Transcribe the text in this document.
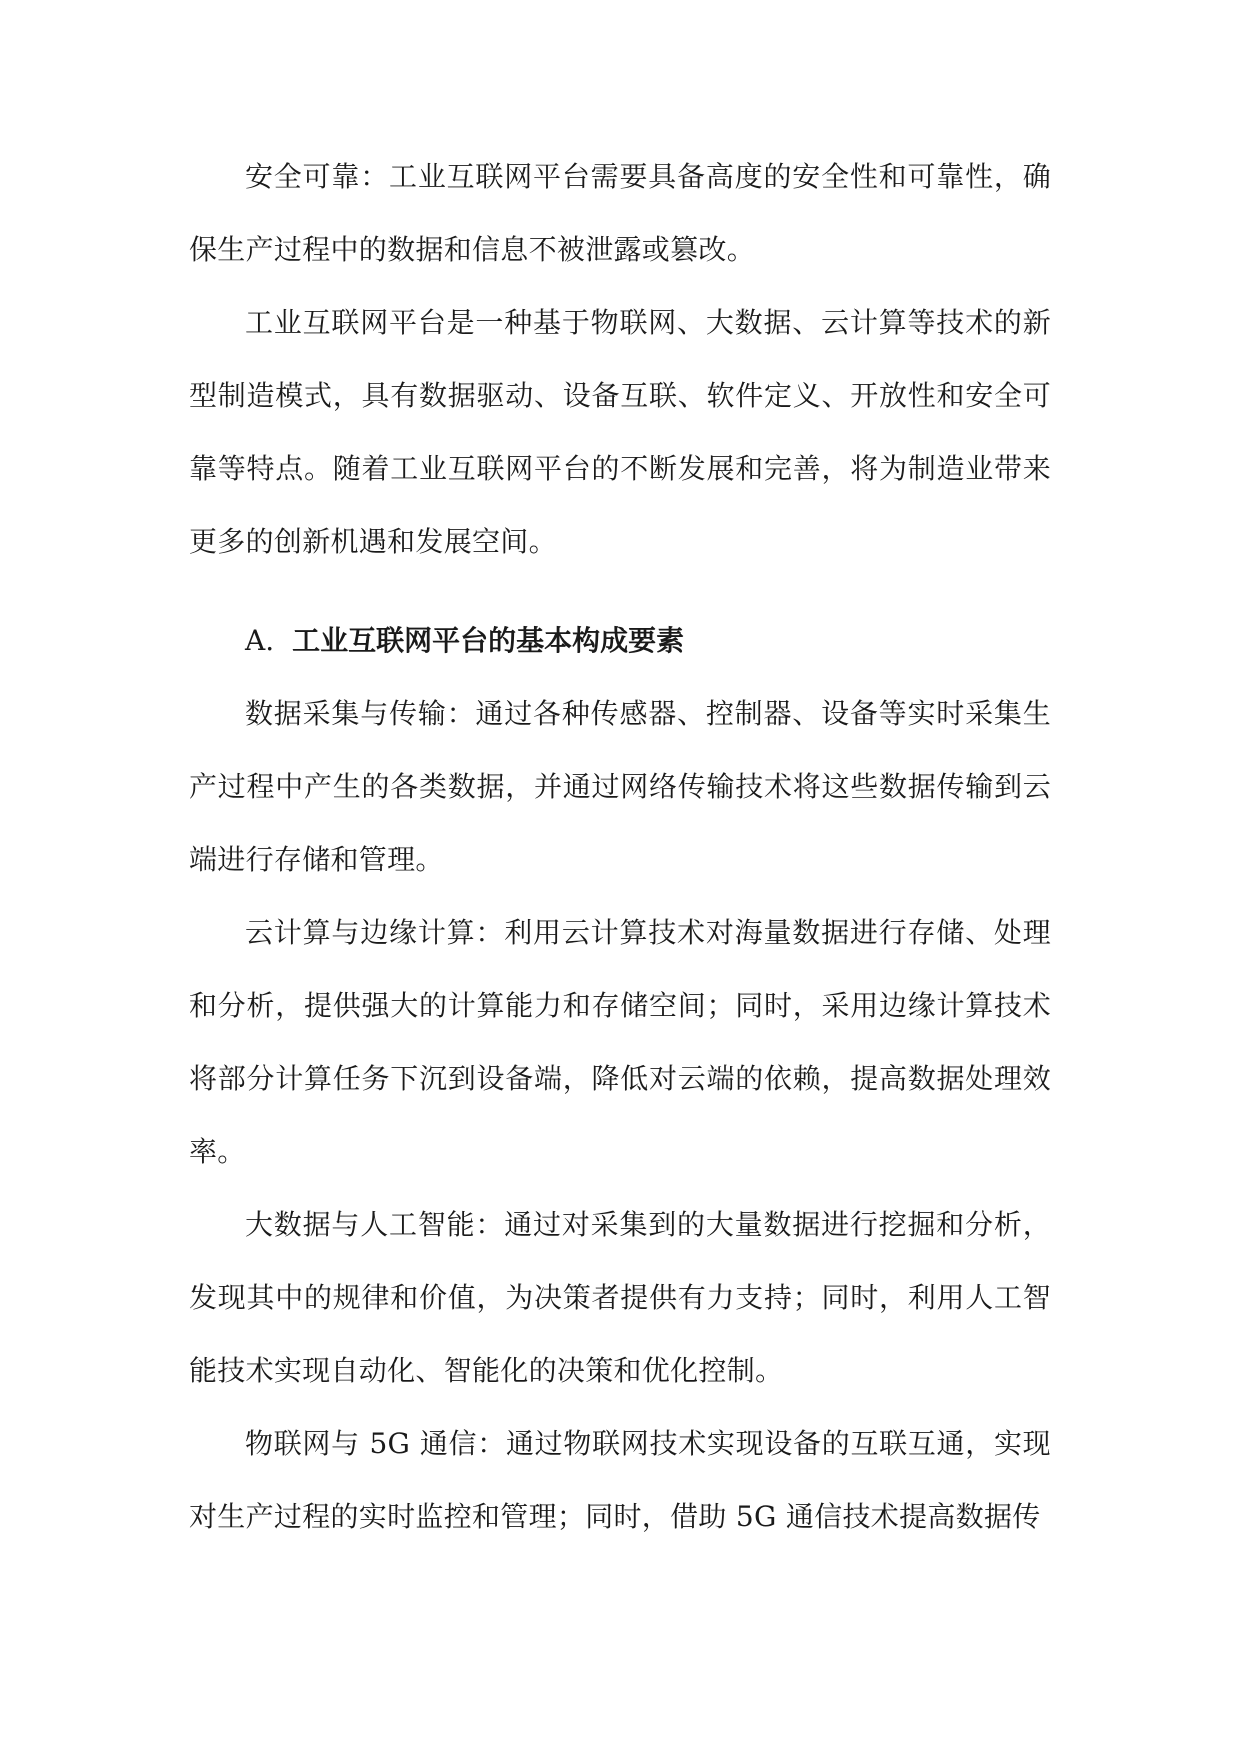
安全可靠：工业互联网平台需要具备高度的安全性和可靠性，确保生产过程中的数据和信息不被泄露或篡改。

工业互联网平台是一种基于物联网、大数据、云计算等技术的新型制造模式，具有数据驱动、设备互联、软件定义、开放性和安全可靠等特点。随着工业互联网平台的不断发展和完善，将为制造业带来更多的创新机遇和发展空间。

A. 工业互联网平台的基本构成要素

数据采集与传输：通过各种传感器、控制器、设备等实时采集生产过程中产生的各类数据，并通过网络传输技术将这些数据传输到云端进行存储和管理。

云计算与边缘计算：利用云计算技术对海量数据进行存储、处理和分析，提供强大的计算能力和存储空间；同时，采用边缘计算技术将部分计算任务下沉到设备端，降低对云端的依赖，提高数据处理效率。

大数据与人工智能：通过对采集到的大量数据进行挖掘和分析，发现其中的规律和价值，为决策者提供有力支持；同时，利用人工智能技术实现自动化、智能化的决策和优化控制。

物联网与 5G 通信：通过物联网技术实现设备的互联互通，实现对生产过程的实时监控和管理；同时，借助 5G 通信技术提高数据传
